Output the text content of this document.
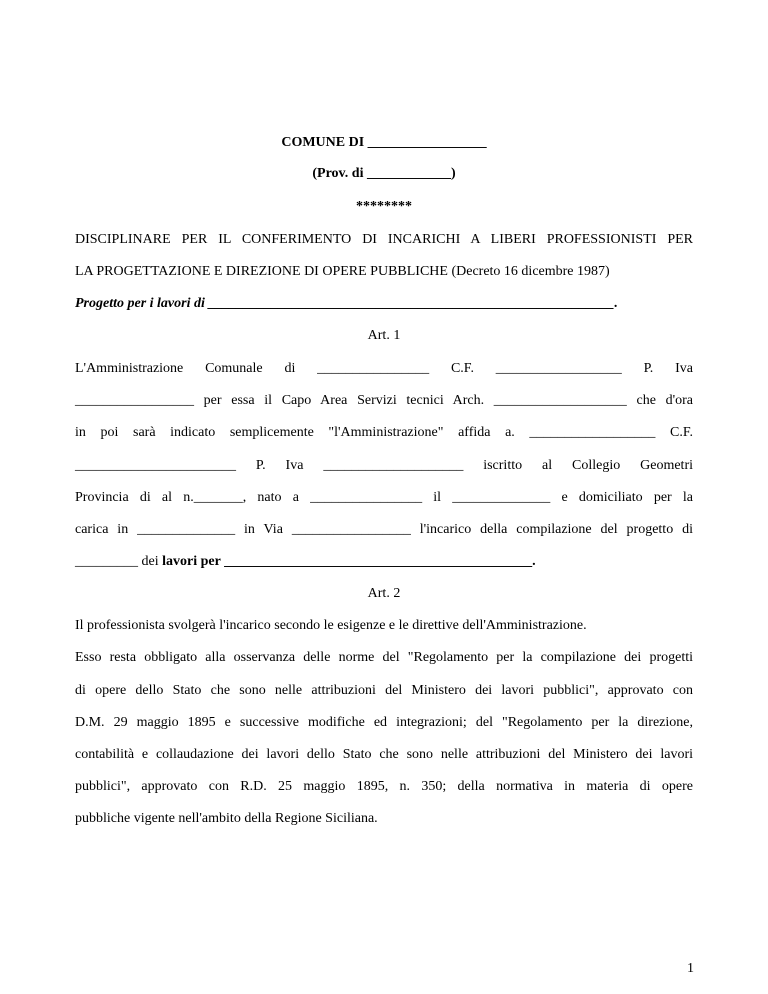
COMUNE DI _________________
(Prov. di ____________)
********
DISCIPLINARE PER IL CONFERIMENTO DI INCARICHI A LIBERI PROFESSIONISTI PER
LA PROGETTAZIONE E DIREZIONE DI OPERE PUBBLICHE (Decreto 16 dicembre 1987)
Progetto per i lavori di __________________________________________________________.
Art. 1
L'Amministrazione Comunale di ________________ C.F. __________________ P. Iva
_________________ per essa il Capo Area Servizi tecnici Arch. ___________________ che d'ora
in poi sarà indicato semplicemente "l'Amministrazione" affida a. __________________ C.F.
_______________________ P. Iva ____________________ iscritto al Collegio Geometri
Provincia di al n._______, nato a ________________ il ______________ e domiciliato per la
carica in ______________ in Via _________________ l'incarico della compilazione del progetto di
_________ dei lavori per ____________________________________________.
Art. 2
Il professionista svolgerà l'incarico secondo le esigenze e le direttive dell'Amministrazione.
Esso resta obbligato alla osservanza delle norme del "Regolamento per la compilazione dei progetti
di opere dello Stato che sono nelle attribuzioni del Ministero dei lavori pubblici", approvato con
D.M. 29 maggio 1895 e successive modifiche ed integrazioni; del "Regolamento per la direzione,
contabilità e collaudazione dei lavori dello Stato che sono nelle attribuzioni del Ministero dei lavori
pubblici", approvato con R.D. 25 maggio 1895, n. 350; della normativa in materia di opere
pubbliche vigente nell'ambito della Regione Siciliana.
1
